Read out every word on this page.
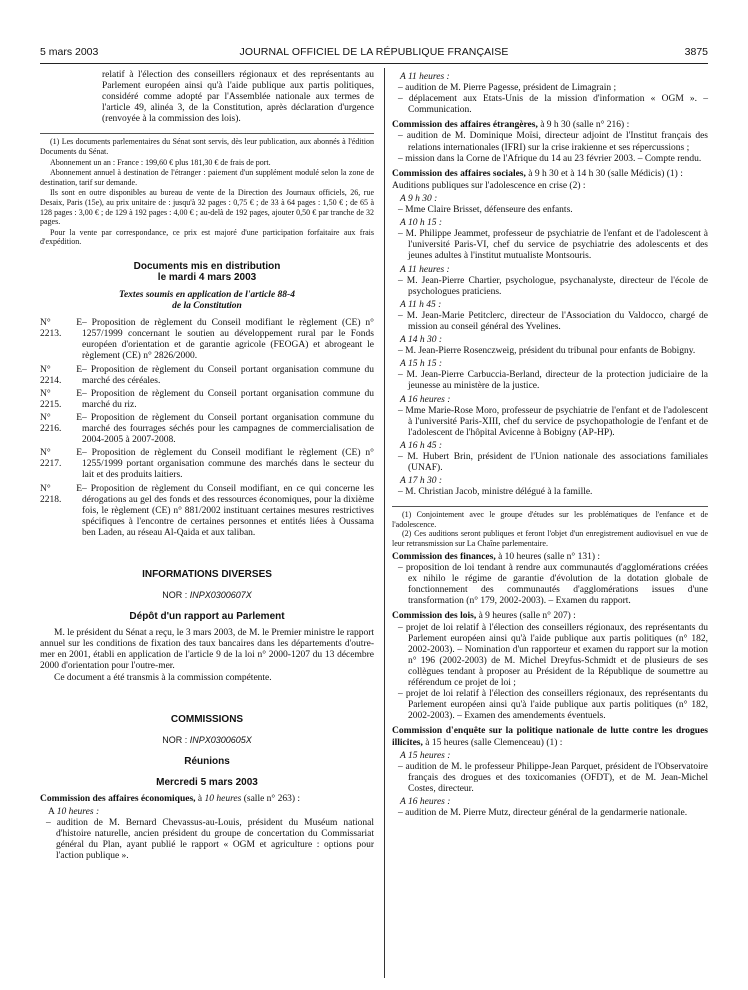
5 mars 2003	JOURNAL OFFICIEL DE LA RÉPUBLIQUE FRANÇAISE	3875

relatif à l'élection des conseillers régionaux et des représentants au Parlement européen ainsi qu'à l'aide publique aux partis politiques, considéré comme adopté par l'Assemblée nationale aux termes de l'article 49, alinéa 3, de la Constitution, après déclaration d'urgence (renvoyée à la commission des lois).

(1) Les documents parlementaires du Sénat sont servis, dès leur publication, aux abonnés à l'édition Documents du Sénat.

Abonnement un an : France : 199,60 € plus 181,30 € de frais de port.

Abonnement annuel à destination de l'étranger : paiement d'un supplément modulé selon la zone de destination, tarif sur demande.

Ils sont en outre disponibles au bureau de vente de la Direction des Journaux officiels, 26, rue Desaix, Paris (15e), au prix unitaire de : jusqu'à 32 pages : 0,75 € ; de 33 à 64 pages : 1,50 € ; de 65 à 128 pages : 3,00 € ; de 129 à 192 pages : 4,00 € ; au-delà de 192 pages, ajouter 0,50 € par tranche de 32 pages.

Pour la vente par correspondance, ce prix est majoré d'une participation forfaitaire aux frais d'expédition.

Documents mis en distribution
le mardi 4 mars 2003
Textes soumis en application de l'article 88-4
de la Constitution
N° E 2213.
– Proposition de règlement du Conseil modifiant le règlement (CE) n° 1257/1999 concernant le soutien au développement rural par le Fonds européen d'orientation et de garantie agricole (FEOGA) et abrogeant le règlement (CE) n° 2826/2000.
N° E 2214.
– Proposition de règlement du Conseil portant organisation commune du marché des céréales.
N° E 2215.
– Proposition de règlement du Conseil portant organisation commune du marché du riz.
N° E 2216.
– Proposition de règlement du Conseil portant organisation commune du marché des fourrages séchés pour les campagnes de commercialisation de 2004-2005 à 2007-2008.
N° E 2217.
– Proposition de règlement du Conseil modifiant le règlement (CE) n° 1255/1999 portant organisation commune des marchés dans le secteur du lait et des produits laitiers.
N° E 2218.
– Proposition de règlement du Conseil modifiant, en ce qui concerne les dérogations au gel des fonds et des ressources économiques, pour la dixième fois, le règlement (CE) n° 881/2002 instituant certaines mesures restrictives spécifiques à l'encontre de certaines personnes et entités liées à Oussama ben Laden, au réseau Al-Qaida et aux taliban.
INFORMATIONS DIVERSES
NOR : INPX0300607X
Dépôt d'un rapport au Parlement

M. le président du Sénat a reçu, le 3 mars 2003, de M. le Premier ministre le rapport annuel sur les conditions de fixation des taux bancaires dans les départements d'outre-mer en 2001, établi en application de l'article 9 de la loi n° 2000-1207 du 13 décembre 2000 d'orientation pour l'outre-mer.

Ce document a été transmis à la commission compétente.

COMMISSIONS
NOR : INPX0300605X
Réunions
Mercredi 5 mars 2003

Commission des affaires économiques, à 10 heures (salle n° 263) :

A 10 heures :

– audition de M. Bernard Chevassus-au-Louis, président du Muséum national d'histoire naturelle, ancien président du groupe de concertation du Commissariat général du Plan, ayant publié le rapport « OGM et agriculture : options pour l'action publique ».

A 11 heures :

– audition de M. Pierre Pagesse, président de Limagrain ;

– déplacement aux Etats-Unis de la mission d'information « OGM ». – Communication.

Commission des affaires étrangères, à 9 h 30 (salle n° 216) :

– audition de M. Dominique Moïsi, directeur adjoint de l'Institut français des relations internationales (IFRI) sur la crise irakienne et ses répercussions ;

– mission dans la Corne de l'Afrique du 14 au 23 février 2003. – Compte rendu.

Commission des affaires sociales, à 9 h 30 et à 14 h 30 (salle Médicis) (1) :

Auditions publiques sur l'adolescence en crise (2) :

A 9 h 30 :

– Mme Claire Brisset, défenseure des enfants.

A 10 h 15 :

– M. Philippe Jeammet, professeur de psychiatrie de l'enfant et de l'adolescent à l'université Paris-VI, chef du service de psychiatrie des adolescents et des jeunes adultes à l'institut mutualiste Montsouris.

A 11 heures :

– M. Jean-Pierre Chartier, psychologue, psychanalyste, directeur de l'école de psychologues praticiens.

A 11 h 45 :

– M. Jean-Marie Petitclerc, directeur de l'Association du Valdocco, chargé de mission au conseil général des Yvelines.

A 14 h 30 :

– M. Jean-Pierre Rosenczweig, président du tribunal pour enfants de Bobigny.

A 15 h 15 :

– M. Jean-Pierre Carbuccia-Berland, directeur de la protection judiciaire de la jeunesse au ministère de la justice.

A 16 heures :

– Mme Marie-Rose Moro, professeur de psychiatrie de l'enfant et de l'adolescent à l'université Paris-XIII, chef du service de psychopathologie de l'enfant et de l'adolescent de l'hôpital Avicenne à Bobigny (AP-HP).

A 16 h 45 :

– M. Hubert Brin, président de l'Union nationale des associations familiales (UNAF).

A 17 h 30 :

– M. Christian Jacob, ministre délégué à la famille.

(1) Conjointement avec le groupe d'études sur les problématiques de l'enfance et de l'adolescence.

(2) Ces auditions seront publiques et feront l'objet d'un enregistrement audiovisuel en vue de leur retransmission sur La Chaîne parlementaire.

Commission des finances, à 10 heures (salle n° 131) :

– proposition de loi tendant à rendre aux communautés d'agglomérations créées ex nihilo le régime de garantie d'évolution de la dotation globale de fonctionnement des communautés d'agglomérations issues d'une transformation (n° 179, 2002-2003). – Examen du rapport.

Commission des lois, à 9 heures (salle n° 207) :

– projet de loi relatif à l'élection des conseillers régionaux, des représentants du Parlement européen ainsi qu'à l'aide publique aux partis politiques (n° 182, 2002-2003). – Nomination d'un rapporteur et examen du rapport sur la motion n° 196 (2002-2003) de M. Michel Dreyfus-Schmidt et de plusieurs de ses collègues tendant à proposer au Président de la République de soumettre au référendum ce projet de loi ;

– projet de loi relatif à l'élection des conseillers régionaux, des représentants du Parlement européen ainsi qu'à l'aide publique aux partis politiques (n° 182, 2002-2003). – Examen des amendements éventuels.

Commission d'enquête sur la politique nationale de lutte contre les drogues illicites, à 15 heures (salle Clemenceau) (1) :

A 15 heures :

– audition de M. le professeur Philippe-Jean Parquet, président de l'Observatoire français des drogues et des toxicomanies (OFDT), et de M. Jean-Michel Costes, directeur.

A 16 heures :

– audition de M. Pierre Mutz, directeur général de la gendarmerie nationale.
